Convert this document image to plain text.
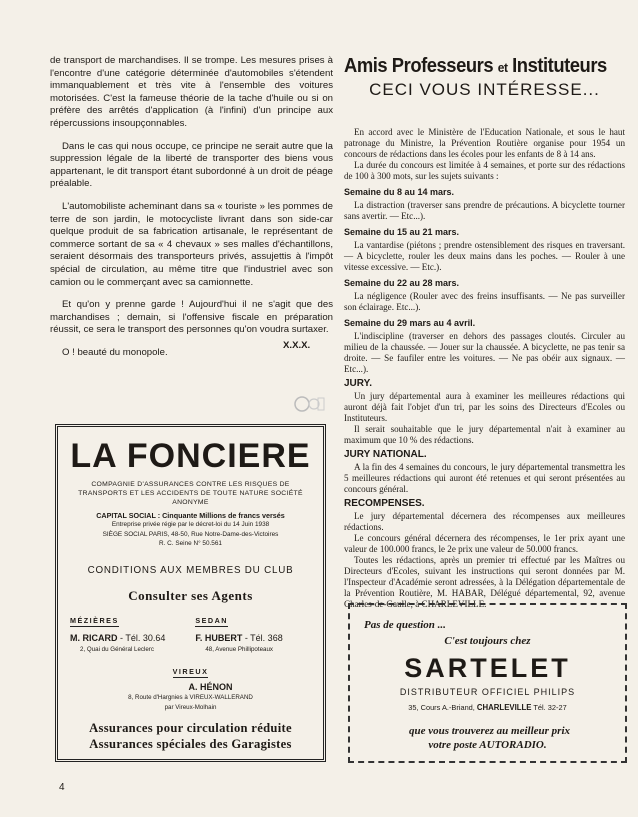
de transport de marchandises. Il se trompe. Les mesures prises à l'encontre d'une catégorie déterminée d'automobiles s'étendent immanquablement et très vite à l'ensemble des voitures motorisées. C'est la fameuse théorie de la tache d'huile ou si on préfère des arrêtés d'application (à l'infini) d'un principe aux répercussions insoupçonnables.

Dans le cas qui nous occupe, ce principe ne serait autre que la suppression légale de la liberté de transporter des biens vous appartenant, le dit transport étant subordonné à un droit de péage préalable.

L'automobiliste acheminant dans sa « touriste » les pommes de terre de son jardin, le motocycliste livrant dans son side-car quelque produit de sa fabrication artisanale, le représentant de commerce sortant de sa « 4 chevaux » ses malles d'échantillons, seraient désormais des transporteurs privés, assujettis à l'impôt spécial de circulation, au même titre que l'industriel avec son camion ou le commerçant avec sa camionnette.

Et qu'on y prenne garde ! Aujourd'hui il ne s'agit que des marchandises ; demain, si l'offensive fiscale en préparation réussit, ce sera le transport des personnes qu'on voudra surtaxer.

O ! beauté du monopole.

X.X.X.
Amis Professeurs et Instituteurs
CECI VOUS INTÉRESSE...

En accord avec le Ministère de l'Education Nationale, et sous le haut patronage du Ministre, la Prévention Routière organise pour 1954 un concours de rédactions dans les écoles pour les enfants de 8 à 14 ans.

La durée du concours est limitée à 4 semaines, et porte sur des rédactions de 100 à 300 mots, sur les sujets suivants :

Semaine du 8 au 14 mars.

La distraction (traverser sans prendre de précautions. A bicyclette tourner sans avertir. — Etc...).

Semaine du 15 au 21 mars.

La vantardise (piétons ; prendre ostensiblement des risques en traversant. — A bicyclette, rouler les deux mains dans les poches. — Rouler à une vitesse excessive. — Etc.).

Semaine du 22 au 28 mars.

La négligence (Rouler avec des freins insuffisants. — Ne pas surveiller son éclairage. Etc...).

Semaine du 29 mars au 4 avril.

L'indiscipline (traverser en dehors des passages cloutés. Circuler au milieu de la chaussée. — Jouer sur la chaussée. A bicyclette, ne pas tenir sa droite. — Se faufiler entre les voitures. — Ne pas obéir aux signaux. — Etc...).

JURY.

Un jury départemental aura à examiner les meilleures rédactions qui auront déjà fait l'objet d'un tri, par les soins des Directeurs d'Ecoles ou Instituteurs.

Il serait souhaitable que le jury départemental n'ait à examiner au maximum que 10 % des rédactions.

JURY NATIONAL.

A la fin des 4 semaines du concours, le jury départemental transmettra les 5 meilleures rédactions qui auront été retenues et qui seront présentées au concours général.

RECOMPENSES.

Le jury départemental décernera des récompenses aux meilleures rédactions.

Le concours général décernera des récompenses, le 1er prix ayant une valeur de 100.000 francs, le 2e prix une valeur de 50.000 francs.

Toutes les rédactions, après un premier tri effectué par les Maîtres ou Directeurs d'Ecoles, suivant les instructions qui seront données par M. l'Inspecteur d'Académie seront adressées, à la Délégation départementale de la Prévention Routière, M. HABAR, Délégué départemental, 92, avenue Charles-de-Gaulle, à CHARLEVILLE.

LA FONCIERE
COMPAGNIE D'ASSURANCES CONTRE LES RISQUES DE TRANSPORTS ET LES ACCIDENTS DE TOUTE NATURE SOCIÉTÉ ANONYME
CAPITAL SOCIAL : Cinquante Millions de francs versés
Entreprise privée régie par le décret-loi du 14 Juin 1938
SIÈGE SOCIAL PARIS, 48-50, Rue Notre-Dame-des-Victoires
R. C. Seine N° 50.561
CONDITIONS AUX MEMBRES DU CLUB
Consulter ses Agents
MÉZIÈRES
M. RICARD - Tél. 30.64
2, Quai du Général Leclerc
SEDAN
F. HUBERT - Tél. 368
48, Avenue Phillipoteaux
VIREUX
A. HÉNON
8, Route d'Hargnies à VIREUX-WALLERAND
par Vireux-Molhain
Assurances pour circulation réduite
Assurances spéciales des Garagistes
Pas de question ...
C'est toujours chez
SARTELET
DISTRIBUTEUR OFFICIEL PHILIPS
35, Cours A.-Briand, CHARLEVILLE Tél. 32-27
que vous trouverez au meilleur prix
votre poste AUTORADIO.
4
